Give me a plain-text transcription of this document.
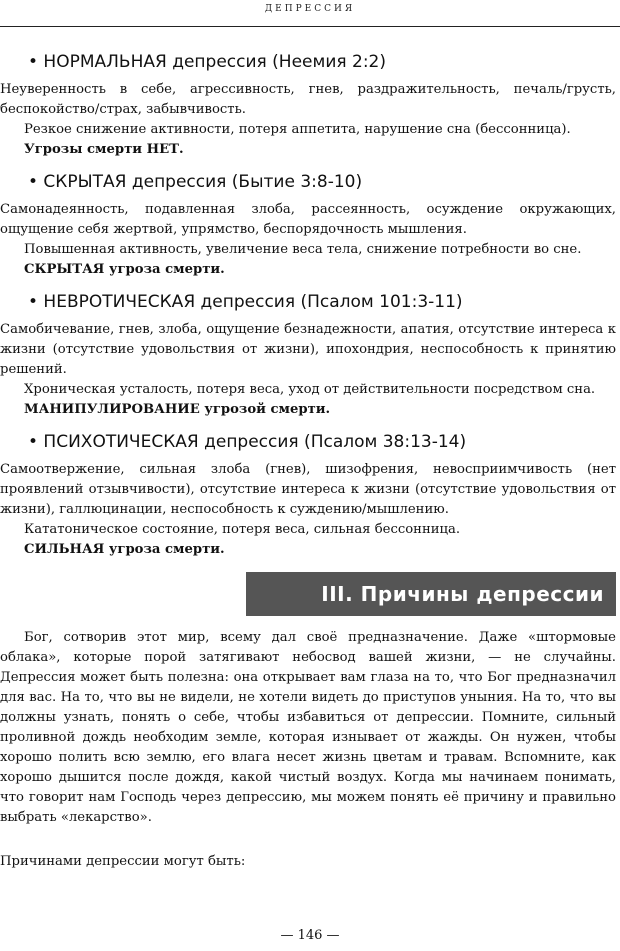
ДЕПРЕССИЯ
• НОРМАЛЬНАЯ депрессия (Неемия 2:2)

Неуверенность в себе, агрессивность, гнев, раздражительность, печаль/грусть, беспокойство/страх, забывчивость.

Резкое снижение активности, потеря аппетита, нарушение сна (бессонница).

Угрозы смерти НЕТ.

• СКРЫТАЯ депрессия (Бытие 3:8-10)

Самонадеянность, подавленная злоба, рассеянность, осуждение окружающих, ощущение себя жертвой, упрямство, беспорядочность мышления.

Повышенная активность, увеличение веса тела, снижение потребности во сне.

СКРЫТАЯ угроза смерти.

• НЕВРОТИЧЕСКАЯ депрессия (Псалом 101:3-11)

Самобичевание, гнев, злоба, ощущение безнадежности, апатия, отсутствие интереса к жизни (отсутствие удовольствия от жизни), ипохондрия, неспособность к принятию решений.

Хроническая усталость, потеря веса, уход от действительности посредством сна.

МАНИПУЛИРОВАНИЕ угрозой смерти.

• ПСИХОТИЧЕСКАЯ депрессия (Псалом 38:13-14)

Самоотвержение, сильная злоба (гнев), шизофрения, невосприимчивость (нет проявлений отзывчивости), отсутствие интереса к жизни (отсутствие удовольствия от жизни), галлюцинации, неспособность к суждению/мышлению.

Кататоническое состояние, потеря веса, сильная бессонница.

СИЛЬНАЯ угроза смерти.

III. Причины депрессии

Бог, сотворив этот мир, всему дал своё предназначение. Даже «штормовые облака», которые порой затягивают небосвод вашей жизни, — не случайны. Депрессия может быть полезна: она открывает вам глаза на то, что Бог предназначил для вас. На то, что вы не видели, не хотели видеть до приступов уныния. На то, что вы должны узнать, понять о себе, чтобы избавиться от депрессии. Помните, сильный проливной дождь необходим земле, которая изнывает от жажды. Он нужен, чтобы хорошо полить всю землю, его влага несет жизнь цветам и травам. Вспомните, как хорошо дышится после дождя, какой чистый воздух. Когда мы начинаем понимать, что говорит нам Господь через депрессию, мы можем понять её причину и правильно выбрать «лекарство».

Причинами депрессии могут быть:

— 146 —
